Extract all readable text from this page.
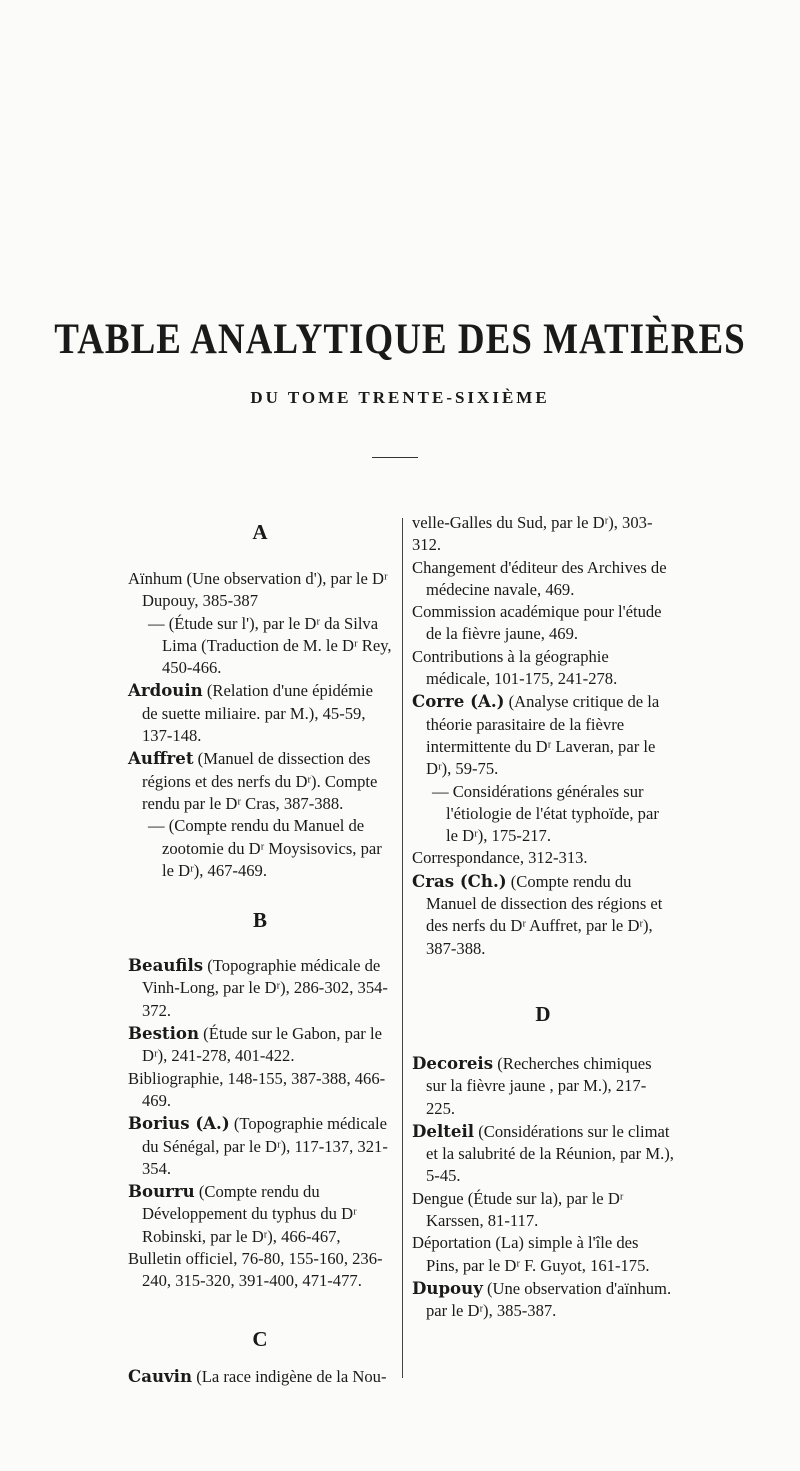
TABLE ANALYTIQUE DES MATIÈRES
DU TOME TRENTE-SIXIÈME
A

Aïnhum (Une observation d'), par le Dʳ Dupouy, 385-387

— (Étude sur l'), par le Dʳ da Silva Lima (Traduction de M. le Dʳ Rey, 450-466.

Ardouin (Relation d'une épidémie de suette miliaire. par M.), 45-59, 137-148.

Auffret (Manuel de dissection des régions et des nerfs du Dʳ). Compte rendu par le Dʳ Cras, 387-388.

— (Compte rendu du Manuel de zootomie du Dʳ Moysisovics, par le Dʳ), 467-469.

B

Beaufils (Topographie médicale de Vinh-Long, par le Dʳ), 286-302, 354-372.

Bestion (Étude sur le Gabon, par le Dʳ), 241-278, 401-422.

Bibliographie, 148-155, 387-388, 466-469.

Borius (A.) (Topographie médicale du Sénégal, par le Dʳ), 117-137, 321-354.

Bourru (Compte rendu du Développement du typhus du Dʳ Robinski, par le Dʳ), 466-467,

Bulletin officiel, 76-80, 155-160, 236-240, 315-320, 391-400, 471-477.

C

Cauvin (La race indigène de la Nou-

velle-Galles du Sud, par le Dʳ), 303-312.

Changement d'éditeur des Archives de médecine navale, 469.

Commission académique pour l'étude de la fièvre jaune, 469.

Contributions à la géographie médicale, 101-175, 241-278.

Corre (A.) (Analyse critique de la théorie parasitaire de la fièvre intermittente du Dʳ Laveran, par le Dʳ), 59-75.

— Considérations générales sur l'étiologie de l'état typhoïde, par le Dʳ), 175-217.

Correspondance, 312-313.

Cras (Ch.) (Compte rendu du Manuel de dissection des régions et des nerfs du Dʳ Auffret, par le Dʳ), 387-388.

D

Decoreis (Recherches chimiques sur la fièvre jaune , par M.), 217-225.

Delteil (Considérations sur le climat et la salubrité de la Réunion, par M.), 5-45.

Dengue (Étude sur la), par le Dʳ Karssen, 81-117.

Déportation (La) simple à l'île des Pins, par le Dʳ F. Guyot, 161-175.

Dupouy (Une observation d'aïnhum. par le Dʳ), 385-387.
